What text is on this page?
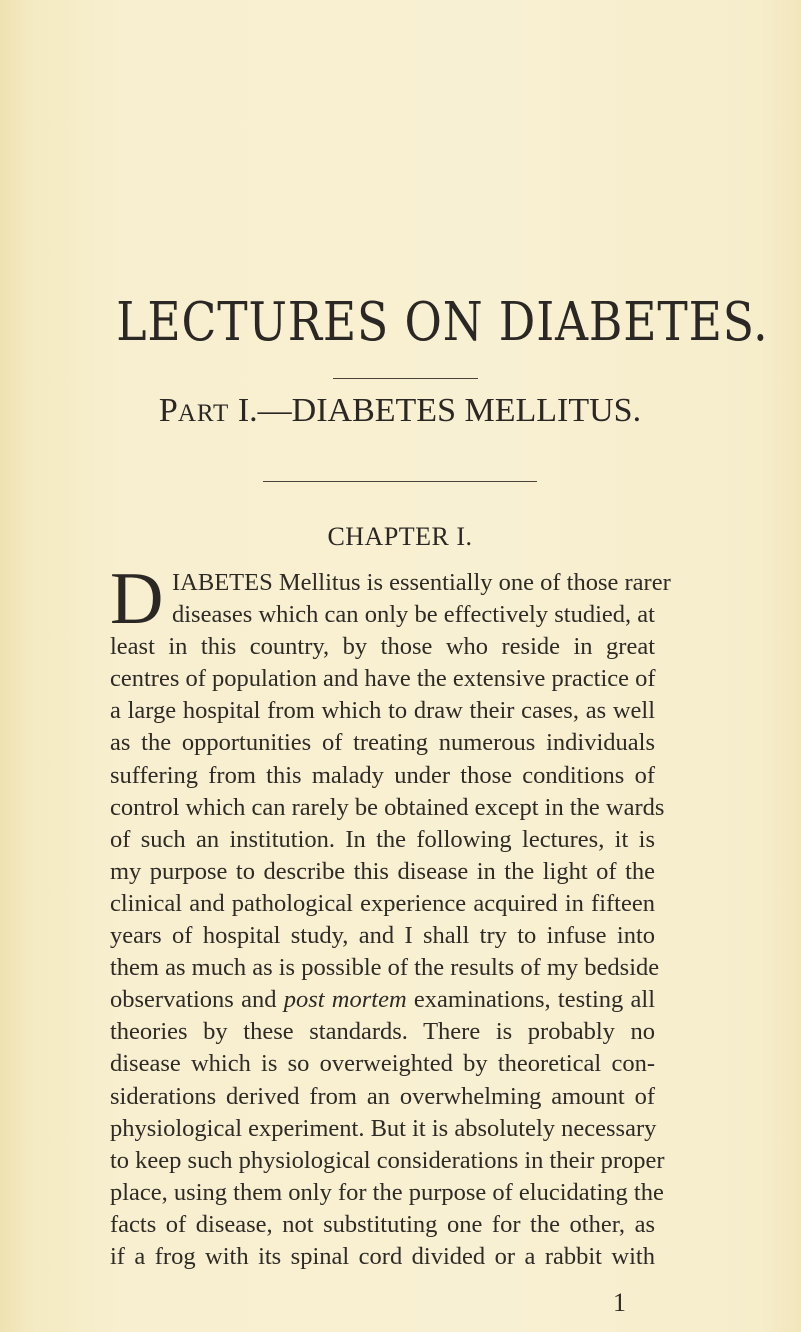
LECTURES ON DIABETES.
PART I.—DIABETES MELLITUS.
CHAPTER I.
D IABETES Mellitus is essentially one of those rarer
diseases which can only be effectively studied, at
least in this country, by those who reside in great
centres of population and have the extensive practice of
a large hospital from which to draw their cases, as well
as the opportunities of treating numerous individuals
suffering from this malady under those conditions of
control which can rarely be obtained except in the wards
of such an institution. In the following lectures, it is
my purpose to describe this disease in the light of the
clinical and pathological experience acquired in fifteen
years of hospital study, and I shall try to infuse into
them as much as is possible of the results of my bedside
observations and post mortem examinations, testing all
theories by these standards. There is probably no
disease which is so overweighted by theoretical con-
siderations derived from an overwhelming amount of
physiological experiment. But it is absolutely necessary
to keep such physiological considerations in their proper
place, using them only for the purpose of elucidating the
facts of disease, not substituting one for the other, as
if a frog with its spinal cord divided or a rabbit with
1
